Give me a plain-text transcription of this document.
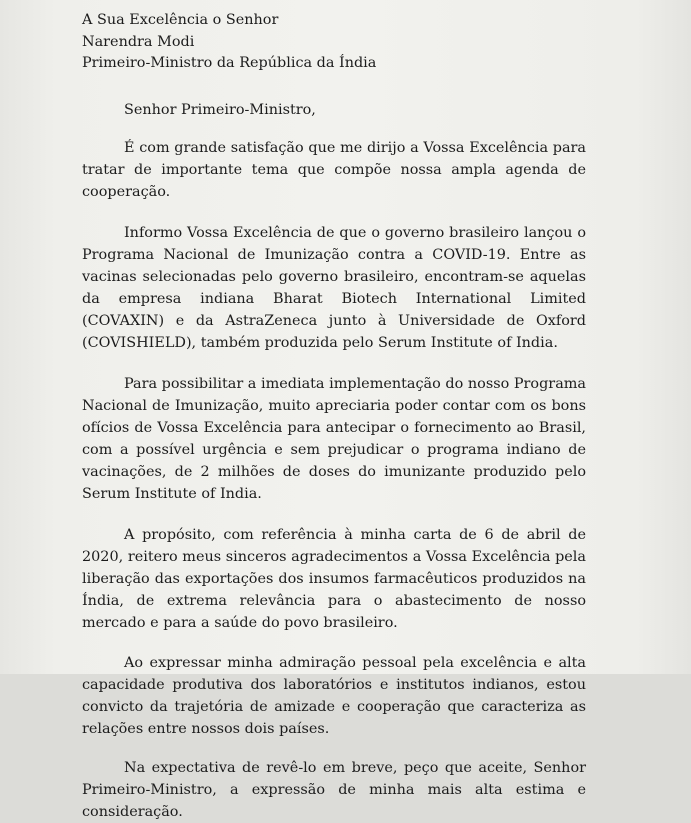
A Sua Excelência o Senhor
Narendra Modi
Primeiro-Ministro da República da Índia
Senhor Primeiro-Ministro,

É com grande satisfação que me dirijo a Vossa Excelência para tratar de importante tema que compõe nossa ampla agenda de cooperação.

Informo Vossa Excelência de que o governo brasileiro lançou o Programa Nacional de Imunização contra a COVID-19. Entre as vacinas selecionadas pelo governo brasileiro, encontram-se aquelas da empresa indiana Bharat Biotech International Limited (COVAXIN) e da AstraZeneca junto à Universidade de Oxford (COVISHIELD), também produzida pelo Serum Institute of India.

Para possibilitar a imediata implementação do nosso Programa Nacional de Imunização, muito apreciaria poder contar com os bons ofícios de Vossa Excelência para antecipar o fornecimento ao Brasil, com a possível urgência e sem prejudicar o programa indiano de vacinações, de 2 milhões de doses do imunizante produzido pelo Serum Institute of India.

A propósito, com referência à minha carta de 6 de abril de 2020, reitero meus sinceros agradecimentos a Vossa Excelência pela liberação das exportações dos insumos farmacêuticos produzidos na Índia, de extrema relevância para o abastecimento de nosso mercado e para a saúde do povo brasileiro.

Ao expressar minha admiração pessoal pela excelência e alta capacidade produtiva dos laboratórios e institutos indianos, estou convicto da trajetória de amizade e cooperação que caracteriza as relações entre nossos dois países.

Na expectativa de revê-lo em breve, peço que aceite, Senhor Primeiro-Ministro, a expressão de minha mais alta estima e consideração.
